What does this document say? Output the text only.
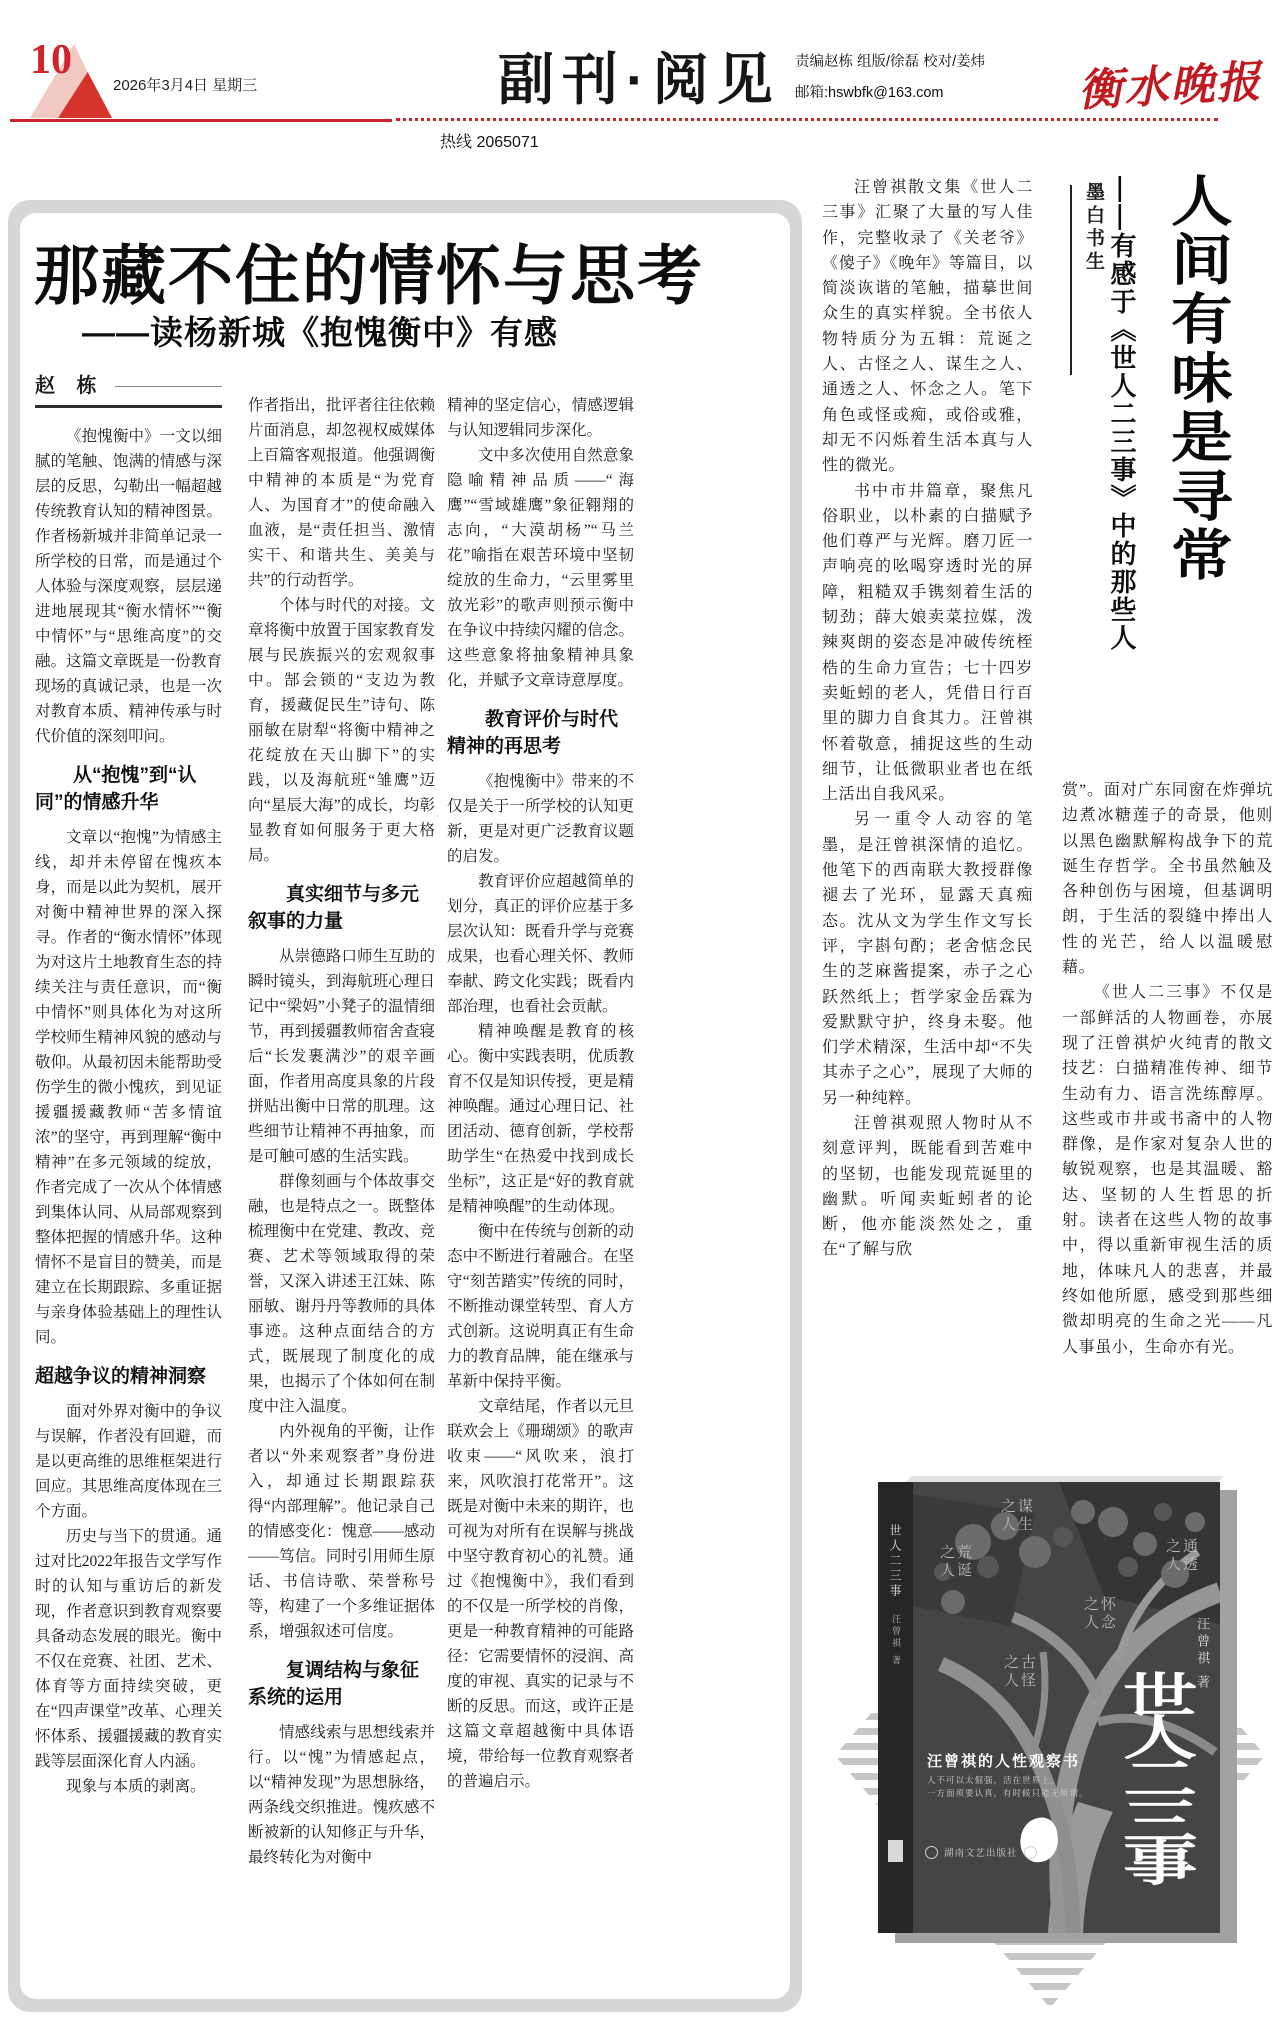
10
2026年3月4日 星期三	副刊·阅见 责编赵栋 组版/徐磊 校对/姜炜
邮箱:hswbfk@163.com	衡水晚报
热线 2065071
那藏不住的情怀与思考
——读杨新城《抱愧衡中》有感
赵 栋

《抱愧衡中》一文以细腻的笔触、饱满的情感与深层的反思，勾勒出一幅超越传统教育认知的精神图景。作者杨新城并非简单记录一所学校的日常，而是通过个人体验与深度观察，层层递进地展现其“衡水情怀”“衡中情怀”与“思维高度”的交融。这篇文章既是一份教育现场的真诚记录，也是一次对教育本质、精神传承与时代价值的深刻叩问。

从“抱愧”到“认同”的情感升华

文章以“抱愧”为情感主线，却并未停留在愧疚本身，而是以此为契机，展开对衡中精神世界的深入探寻。作者的“衡水情怀”体现为对这片土地教育生态的持续关注与责任意识，而“衡中情怀”则具体化为对这所学校师生精神风貌的感动与敬仰。从最初因未能帮助受伤学生的微小愧疚，到见证援疆援藏教师“苦多情谊浓”的坚守，再到理解“衡中精神”在多元领域的绽放，作者完成了一次从个体情感到集体认同、从局部观察到整体把握的情感升华。这种情怀不是盲目的赞美，而是建立在长期跟踪、多重证据与亲身体验基础上的理性认同。

超越争议的精神洞察

面对外界对衡中的争议与误解，作者没有回避，而是以更高维的思维框架进行回应。其思维高度体现在三个方面。

历史与当下的贯通。通过对比2022年报告文学写作时的认知与重访后的新发现，作者意识到教育观察要具备动态发展的眼光。衡中不仅在竞赛、社团、艺术、体育等方面持续突破，更在“四声课堂”改革、心理关怀体系、援疆援藏的教育实践等层面深化育人内涵。

现象与本质的剥离。

作者指出，批评者往往依赖片面消息，却忽视权威媒体上百篇客观报道。他强调衡中精神的本质是“为党育人、为国育才”的使命融入血液，是“责任担当、激情实干、和谐共生、美美与共”的行动哲学。

个体与时代的对接。文章将衡中放置于国家教育发展与民族振兴的宏观叙事中。郜会锁的“支边为教育，援藏促民生”诗句、陈丽敏在尉犁“将衡中精神之花绽放在天山脚下”的实践，以及海航班“雏鹰”迈向“星辰大海”的成长，均彰显教育如何服务于更大格局。

真实细节与多元叙事的力量

从崇德路口师生互助的瞬时镜头，到海航班心理日记中“梁妈”小凳子的温情细节，再到援疆教师宿舍查寝后“长发裹满沙”的艰辛画面，作者用高度具象的片段拼贴出衡中日常的肌理。这些细节让精神不再抽象，而是可触可感的生活实践。

群像刻画与个体故事交融，也是特点之一。既整体梳理衡中在党建、教改、竞赛、艺术等领域取得的荣誉，又深入讲述王江妹、陈丽敏、谢丹丹等教师的具体事迹。这种点面结合的方式，既展现了制度化的成果，也揭示了个体如何在制度中注入温度。

内外视角的平衡，让作者以“外来观察者”身份进入，却通过长期跟踪获得“内部理解”。他记录自己的情感变化：愧意——感动——笃信。同时引用师生原话、书信诗歌、荣誉称号等，构建了一个多维证据体系，增强叙述可信度。

复调结构与象征系统的运用

情感线索与思想线索并行。以“愧”为情感起点，以“精神发现”为思想脉络，两条线交织推进。愧疚感不断被新的认知修正与升华，最终转化为对衡中

精神的坚定信心，情感逻辑与认知逻辑同步深化。

文中多次使用自然意象隐喻精神品质——“海鹰”“雪域雄鹰”象征翱翔的志向，“大漠胡杨”“马兰花”喻指在艰苦环境中坚韧绽放的生命力，“云里雾里放光彩”的歌声则预示衡中在争议中持续闪耀的信念。这些意象将抽象精神具象化，并赋予文章诗意厚度。

教育评价与时代精神的再思考

《抱愧衡中》带来的不仅是关于一所学校的认知更新，更是对更广泛教育议题的启发。

教育评价应超越简单的划分，真正的评价应基于多层次认知：既看升学与竞赛成果，也看心理关怀、教师奉献、跨文化实践；既看内部治理，也看社会贡献。

精神唤醒是教育的核心。衡中实践表明，优质教育不仅是知识传授，更是精神唤醒。通过心理日记、社团活动、德育创新，学校帮助学生“在热爱中找到成长坐标”，这正是“好的教育就是精神唤醒”的生动体现。

衡中在传统与创新的动态中不断进行着融合。在坚守“刻苦踏实”传统的同时，不断推动课堂转型、育人方式创新。这说明真正有生命力的教育品牌，能在继承与革新中保持平衡。

文章结尾，作者以元旦联欢会上《珊瑚颂》的歌声收束——“风吹来，浪打来，风吹浪打花常开”。这既是对衡中未来的期许，也可视为对所有在误解与挑战中坚守教育初心的礼赞。通过《抱愧衡中》，我们看到的不仅是一所学校的肖像，更是一种教育精神的可能路径：它需要情怀的浸润、高度的审视、真实的记录与不断的反思。而这，或许正是这篇文章超越衡中具体语境，带给每一位教育观察者的普遍启示。

汪曾祺散文集《世人二三事》汇聚了大量的写人佳作，完整收录了《关老爷》《傻子》《晚年》等篇目，以简淡诙谐的笔触，描摹世间众生的真实样貌。全书依人物特质分为五辑：荒诞之人、古怪之人、谋生之人、通透之人、怀念之人。笔下角色或怪或痴，或俗或雅，却无不闪烁着生活本真与人性的微光。

书中市井篇章，聚焦凡俗职业，以朴素的白描赋予他们尊严与光辉。磨刀匠一声响亮的吆喝穿透时光的屏障，粗糙双手镌刻着生活的韧劲；薛大娘卖菜拉媒，泼辣爽朗的姿态是冲破传统桎梏的生命力宣告；七十四岁卖蚯蚓的老人，凭借日行百里的脚力自食其力。汪曾祺怀着敬意，捕捉这些的生动细节，让低微职业者也在纸上活出自我风采。

另一重令人动容的笔墨，是汪曾祺深情的追忆。他笔下的西南联大教授群像褪去了光环，显露天真痴态。沈从文为学生作文写长评，字斟句酌；老舍惦念民生的芝麻酱提案，赤子之心跃然纸上；哲学家金岳霖为爱默默守护，终身未娶。他们学术精深，生活中却“不失其赤子之心”，展现了大师的另一种纯粹。

汪曾祺观照人物时从不刻意评判，既能看到苦难中的坚韧，也能发现荒诞里的幽默。听闻卖蚯蚓者的论断，他亦能淡然处之，重在“了解与欣

墨白书生 ——有感于《世人二三事》中的那些人 人间有味是寻常

赏”。面对广东同窗在炸弹坑边煮冰糖莲子的奇景，他则以黑色幽默解构战争下的荒诞生存哲学。全书虽然触及各种创伤与困境，但基调明朗，于生活的裂缝中捧出人性的光芒，给人以温暖慰藉。

《世人二三事》不仅是一部鲜活的人物画卷，亦展现了汪曾祺炉火纯青的散文技艺：白描精准传神、细节生动有力、语言洗练醇厚。这些或市井或书斋中的人物群像，是作家对复杂人世的敏锐观察，也是其温暖、豁达、坚韧的人生哲思的折射。读者在这些人物的故事中，得以重新审视生活的质地，体味凡人的悲喜，并最终如他所愿，感受到那些细微却明亮的生命之光——凡人事虽小，生命亦有光。

世人二三事
汪曾祺 著
谋生之人
通透之人
荒诞之人
怀念之人
古怪之人	汪曾祺 著
世人二三事
汪曾祺的人性观察书
人不可以太倔强，活在世界上，
一方面须要认真，有时候只能无所谓。
湖南文艺出版社
